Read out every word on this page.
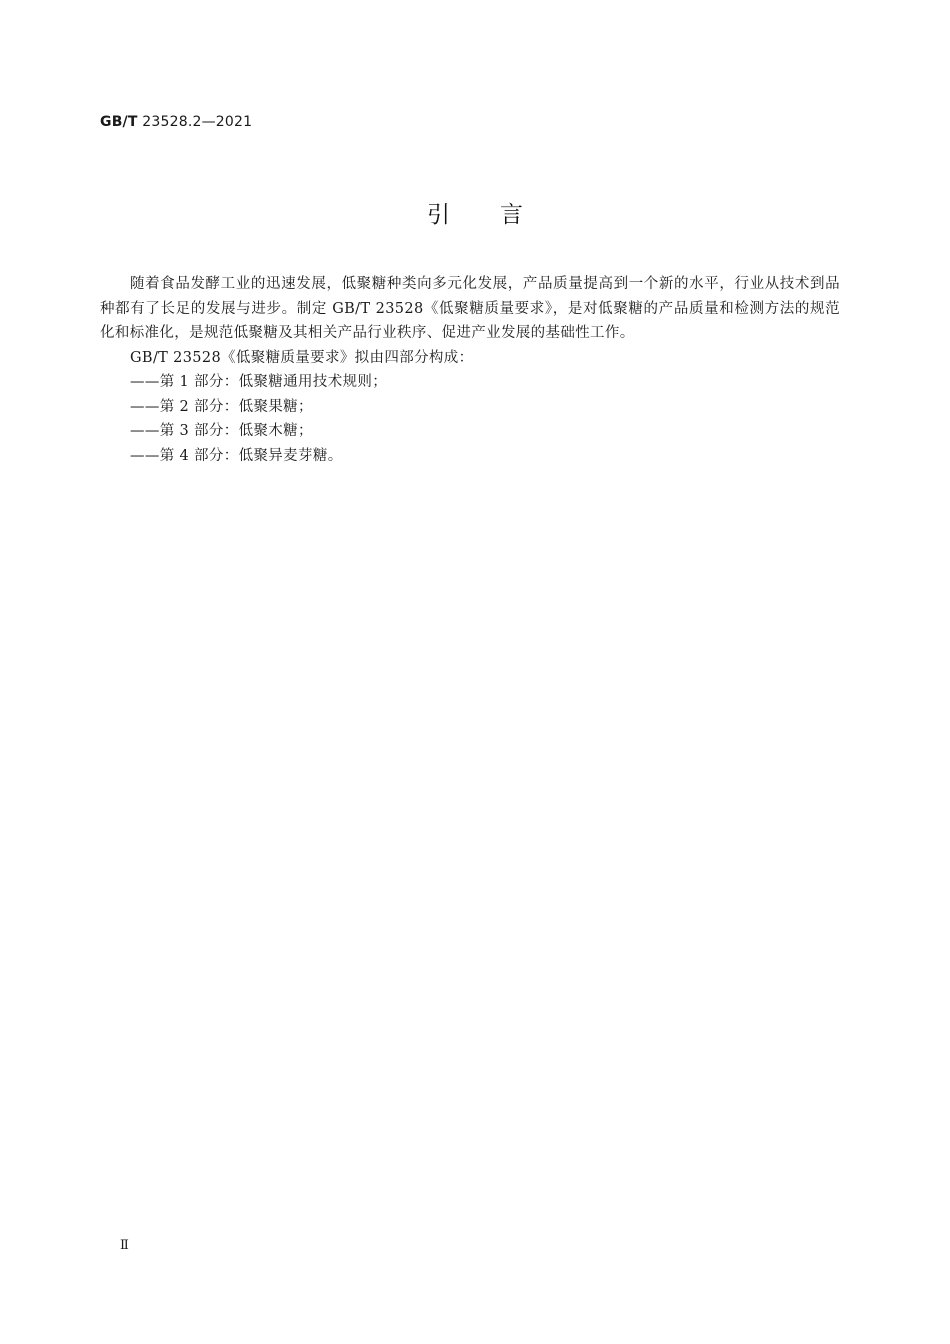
GB/T 23528.2—2021
引言

随着食品发酵工业的迅速发展，低聚糖种类向多元化发展，产品质量提高到一个新的水平，行业从技术到品种都有了长足的发展与进步。制定 GB/T 23528《低聚糖质量要求》，是对低聚糖的产品质量和检测方法的规范化和标准化，是规范低聚糖及其相关产品行业秩序、促进产业发展的基础性工作。

GB/T 23528《低聚糖质量要求》拟由四部分构成：

——第 1 部分：低聚糖通用技术规则；
——第 2 部分：低聚果糖；
——第 3 部分：低聚木糖；
——第 4 部分：低聚异麦芽糖。
Ⅱ
